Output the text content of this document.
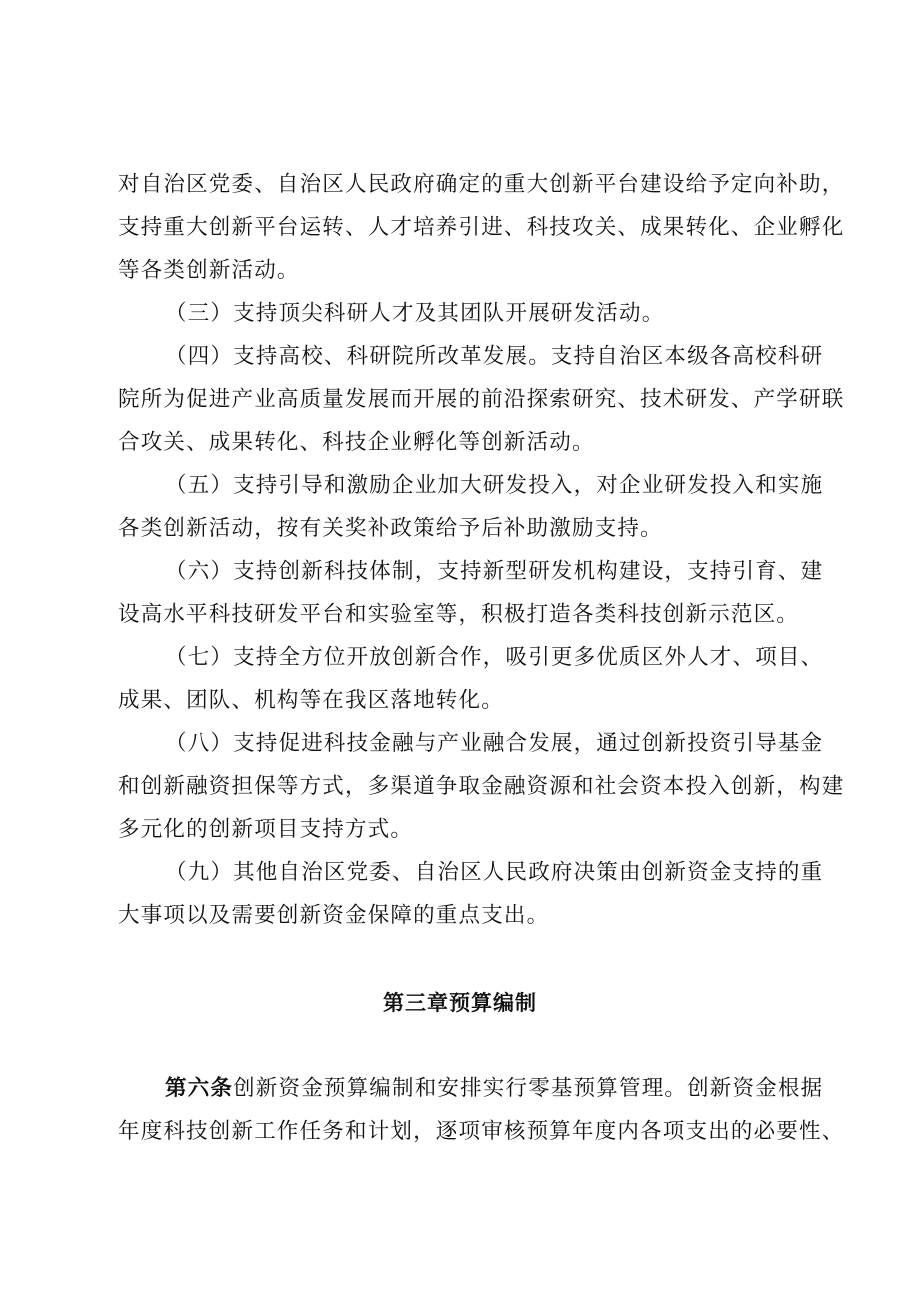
对自治区党委、自治区人民政府确定的重大创新平台建设给予定向补助，
支持重大创新平台运转、人才培养引进、科技攻关、成果转化、企业孵化
等各类创新活动。
（三）支持顶尖科研人才及其团队开展研发活动。
（四）支持高校、科研院所改革发展。支持自治区本级各高校科研
院所为促进产业高质量发展而开展的前沿探索研究、技术研发、产学研联
合攻关、成果转化、科技企业孵化等创新活动。
（五）支持引导和激励企业加大研发投入，对企业研发投入和实施
各类创新活动，按有关奖补政策给予后补助激励支持。
（六）支持创新科技体制，支持新型研发机构建设，支持引育、建
设高水平科技研发平台和实验室等，积极打造各类科技创新示范区。
（七）支持全方位开放创新合作，吸引更多优质区外人才、项目、
成果、团队、机构等在我区落地转化。
（八）支持促进科技金融与产业融合发展，通过创新投资引导基金
和创新融资担保等方式，多渠道争取金融资源和社会资本投入创新，构建
多元化的创新项目支持方式。
（九）其他自治区党委、自治区人民政府决策由创新资金支持的重
大事项以及需要创新资金保障的重点支出。
第三章预算编制
第六条创新资金预算编制和安排实行零基预算管理。创新资金根据
年度科技创新工作任务和计划，逐项审核预算年度内各项支出的必要性、
